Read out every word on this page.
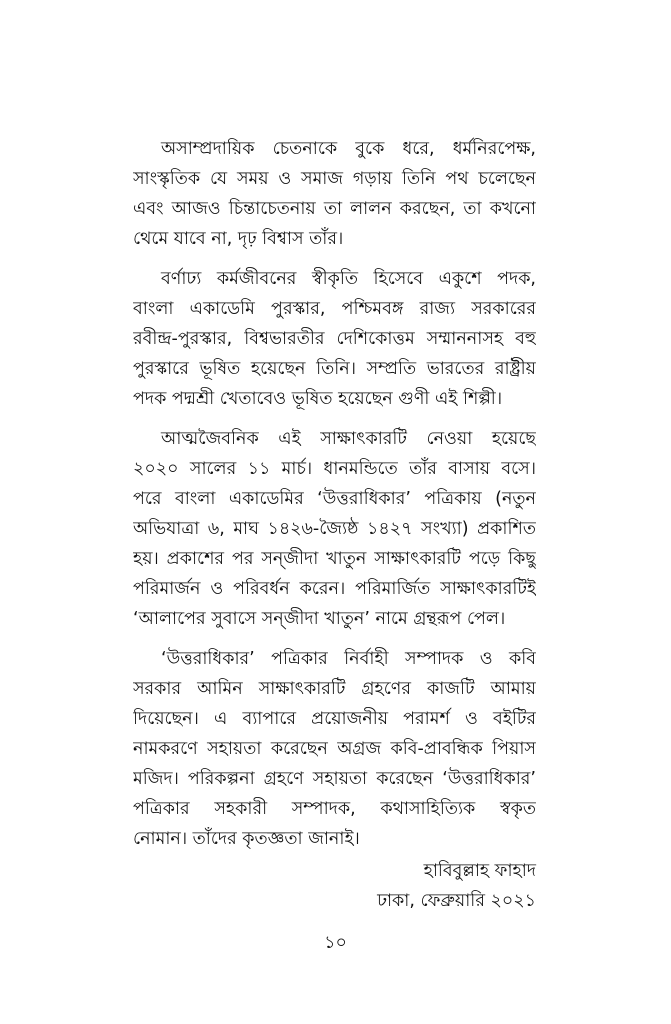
অসাম্প্রদায়িক চেতনাকে বুকে ধরে, ধর্মনিরপেক্ষ,
সাংস্কৃতিক যে সময় ও সমাজ গড়ায় তিনি পথ চলেছেন
এবং আজও চিন্তাচেতনায় তা লালন করছেন, তা কখনো
থেমে যাবে না, দৃঢ় বিশ্বাস তাঁর।

বর্ণাঢ্য কর্মজীবনের স্বীকৃতি হিসেবে একুশে পদক,
বাংলা একাডেমি পুরস্কার, পশ্চিমবঙ্গ রাজ্য সরকারের
রবীন্দ্র-পুরস্কার, বিশ্বভারতীর দেশিকোত্তম সম্মাননাসহ বহু
পুরস্কারে ভূষিত হয়েছেন তিনি। সম্প্রতি ভারতের রাষ্ট্রীয়
পদক পদ্মশ্রী খেতাবেও ভূষিত হয়েছেন গুণী এই শিল্পী।

আত্মজৈবনিক এই সাক্ষাৎকারটি নেওয়া হয়েছে
২০২০ সালের ১১ মার্চ। ধানমন্ডিতে তাঁর বাসায় বসে।
পরে বাংলা একাডেমির ‘উত্তরাধিকার’ পত্রিকায় (নতুন
অভিযাত্রা ৬, মাঘ ১৪২৬-জ্যৈষ্ঠ ১৪২৭ সংখ্যা) প্রকাশিত
হয়। প্রকাশের পর সন্জীদা খাতুন সাক্ষাৎকারটি পড়ে কিছু
পরিমার্জন ও পরিবর্ধন করেন। পরিমার্জিত সাক্ষাৎকারটিই
‘আলাপের সুবাসে সন্জীদা খাতুন’ নামে গ্রন্থরূপ পেল।

‘উত্তরাধিকার’ পত্রিকার নির্বাহী সম্পাদক ও কবি
সরকার আমিন সাক্ষাৎকারটি গ্রহণের কাজটি আমায়
দিয়েছেন। এ ব্যাপারে প্রয়োজনীয় পরামর্শ ও বইটির
নামকরণে সহায়তা করেছেন অগ্রজ কবি-প্রাবন্ধিক পিয়াস
মজিদ। পরিকল্পনা গ্রহণে সহায়তা করেছেন ‘উত্তরাধিকার’
পত্রিকার সহকারী সম্পাদক, কথাসাহিত্যিক স্বকৃত
নোমান। তাঁদের কৃতজ্ঞতা জানাই।

হাবিবুল্লাহ ফাহাদ
ঢাকা, ফেব্রুয়ারি ২০২১
১০
